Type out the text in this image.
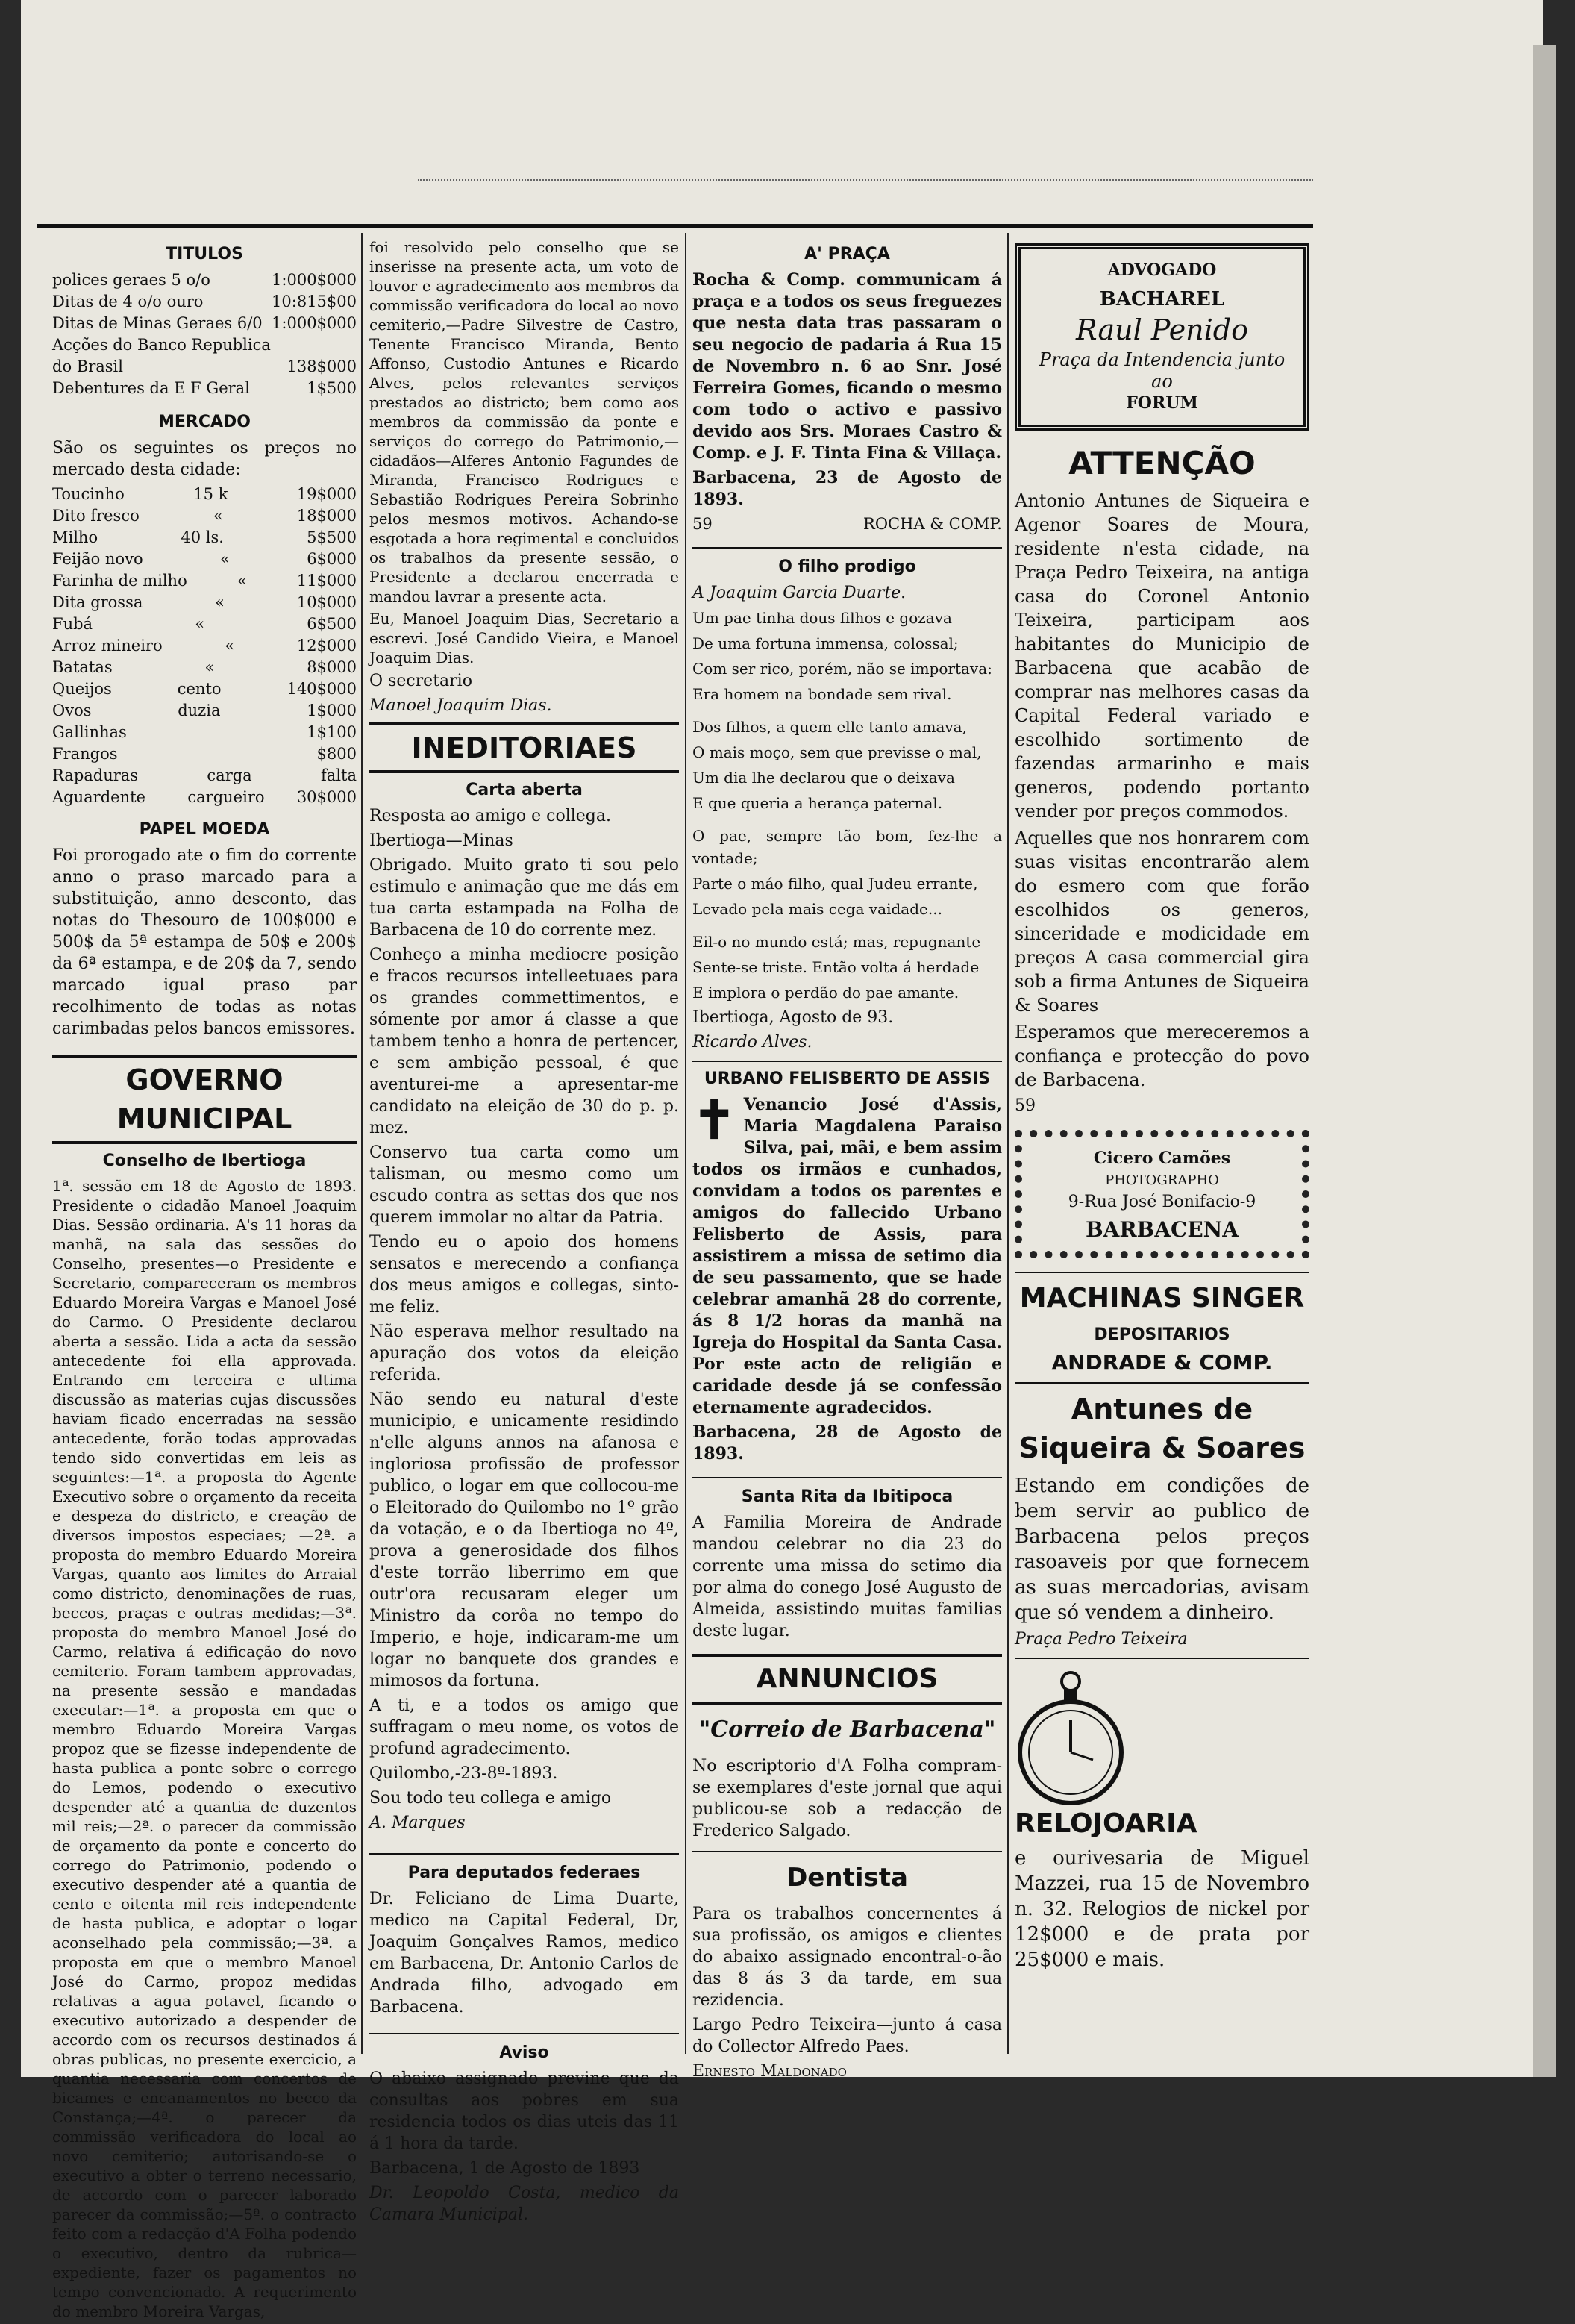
TITULOS
polices geraes 5 o/o	1:000$000
Ditas de 4 o/o ouro	10:815$00
Ditas de Minas Geraes 6/0 1:000$000
Acções do Banco Republica
do Brasil	138$000
Debentures da E F Geral	1$500
MERCADO

São os seguintes os preços no mercado desta cidade:

Toucinho	15 k	19$000
Dito fresco	«	18$000
Milho	40 ls.	5$500
Feijão novo	«	6$000
Farinha de milho	«	11$000
Dita grossa	«	10$000
Fubá	«	6$500
Arroz mineiro	«	12$000
Batatas	«	8$000
Queijos	cento	140$000
Ovos	duzia	1$000
Gallinhas	1$100
Frangos	$800
Rapaduras	carga	falta
Aguardente	cargueiro 30$000
PAPEL MOEDA

Foi prorogado ate o fim do corrente anno o praso marcado para a substituição, anno desconto, das notas do Thesouro de 100$000 e 500$ da 5ª estampa de 50$ e 200$ da 6ª estampa, e de 20$ da 7, sendo marcado igual praso par recolhimento de todas as notas carimbadas pelos bancos emissores.

GOVERNO MUNICIPAL
Conselho de Ibertioga

1ª. sessão em 18 de Agosto de 1893. Presidente o cidadão Manoel Joaquim Dias. Sessão ordinaria. A's 11 horas da manhã, na sala das sessões do Conselho, presentes—o Presidente e Secretario, compareceram os membros Eduardo Moreira Vargas e Manoel José do Carmo. O Presidente declarou aberta a sessão. Lida a acta da sessão antecedente foi ella approvada. Entrando em terceira e ultima discussão as materias cujas discussões haviam ficado encerradas na sessão antecedente, forão todas approvadas tendo sido convertidas em leis as seguintes:—1ª. a proposta do Agente Executivo sobre o orçamento da receita e despeza do districto, e creação de diversos impostos especiaes; —2ª. a proposta do membro Eduardo Moreira Vargas, quanto aos limites do Arraial como districto, denominações de ruas, beccos, praças e outras medidas;—3ª. proposta do membro Manoel José do Carmo, relativa á edificação do novo cemiterio. Foram tambem approvadas, na presente sessão e mandadas executar:—1ª. a proposta em que o membro Eduardo Moreira Vargas propoz que se fizesse independente de hasta publica a ponte sobre o corrego do Lemos, podendo o executivo despender até a quantia de duzentos mil reis;—2ª. o parecer da commissão de orçamento da ponte e concerto do corrego do Patrimonio, podendo o executivo despender até a quantia de cento e oitenta mil reis independente de hasta publica, e adoptar o logar aconselhado pela commissão;—3ª. a proposta em que o membro Manoel José do Carmo, propoz medidas relativas a agua potavel, ficando o executivo autorizado a despender de accordo com os recursos destinados á obras publicas, no presente exercicio, a quantia necessaria com concertos de bicames e encanamentos no becco da Constança;—4ª. o parecer da commissão verificadora do local ao novo cemiterio; autorisando-se o executivo a obter o terreno necessario, de accordo com o parecer laborado parecer da commissão;—5ª. o contracto feito com a redacção d'A Folha podendo o executivo, dentro da rubrica—expediente, fazer os pagamentos no tempo convencionado. A requerimento do membro Moreira Vargas,

foi resolvido pelo conselho que se inserisse na presente acta, um voto de louvor e agradecimento aos membros da commissão verificadora do local ao novo cemiterio,—Padre Silvestre de Castro, Tenente Francisco Miranda, Bento Affonso, Custodio Antunes e Ricardo Alves, pelos relevantes serviços prestados ao districto; bem como aos membros da commissão da ponte e serviços do corrego do Patrimonio,—cidadãos—Alferes Antonio Fagundes de Miranda, Francisco Rodrigues e Sebastião Rodrigues Pereira Sobrinho pelos mesmos motivos. Achando-se esgotada a hora regimental e concluidos os trabalhos da presente sessão, o Presidente a declarou encerrada e mandou lavrar a presente acta.

Eu, Manoel Joaquim Dias, Secretario a escrevi. José Candido Vieira, e Manoel Joaquim Dias.

O secretario

Manoel Joaquim Dias.

INEDITORIAES
Carta aberta

Resposta ao amigo e collega.

Ibertioga—Minas

Obrigado. Muito grato ti sou pelo estimulo e animação que me dás em tua carta estampada na Folha de Barbacena de 10 do corrente mez.

Conheço a minha mediocre posição e fracos recursos intelleetuaes para os grandes commettimentos, e sómente por amor á classe a que tambem tenho a honra de pertencer, e sem ambição pessoal, é que aventurei-me a apresentar-me candidato na eleição de 30 do p. p. mez.

Conservo tua carta como um talisman, ou mesmo como um escudo contra as settas dos que nos querem immolar no altar da Patria.

Tendo eu o apoio dos homens sensatos e merecendo a confiança dos meus amigos e collegas, sinto-me feliz.

Não esperava melhor resultado na apuração dos votos da eleição referida.

Não sendo eu natural d'este municipio, e unicamente residindo n'elle alguns annos na afanosa e ingloriosa profissão de professor publico, o logar em que collocou-me o Eleitorado do Quilombo no 1º grão da votação, e o da Ibertioga no 4º, prova a generosidade dos filhos d'este torrão liberrimo em que outr'ora recusaram eleger um Ministro da corôa no tempo do Imperio, e hoje, indicaram-me um logar no banquete dos grandes e mimosos da fortuna.

A ti, e a todos os amigo que suffragam o meu nome, os votos de profund agradecimento.

Quilombo,-23-8º-1893.

Sou todo teu collega e amigo

A. Marques

Para deputados federaes

Dr. Feliciano de Lima Duarte, medico na Capital Federal, Dr, Joaquim Gonçalves Ramos, medico em Barbacena, Dr. Antonio Carlos de Andrada filho, advogado em Barbacena.

Aviso

O abaixo assignado previne que da consultas aos pobres em sua residencia todos os dias uteis das 11 á 1 hora da tarde.

Barbacena, 1 de Agosto de 1893

Dr. Leopoldo Costa, medico da Camara Municipal.

A' PRAÇA

Rocha & Comp. communicam á praça e a todos os seus freguezes que nesta data tras passaram o seu negocio de padaria á Rua 15 de Novembro n. 6 ao Snr. José Ferreira Gomes, ficando o mesmo com todo o activo e passivo devido aos Srs. Moraes Castro & Comp. e J. F. Tinta Fina & Villaça.

Barbacena, 23 de Agosto de 1893.

59	ROCHA & COMP.
O filho prodigo

A Joaquim Garcia Duarte.

Um pae tinha dous filhos e gozava

De uma fortuna immensa, colossal;

Com ser rico, porém, não se importava:

Era homem na bondade sem rival.

Dos filhos, a quem elle tanto amava,

O mais moço, sem que previsse o mal,

Um dia lhe declarou que o deixava

E que queria a herança paternal.

O pae, sempre tão bom, fez-lhe a vontade;

Parte o máo filho, qual Judeu errante,

Levado pela mais cega vaidade...

Eil-o no mundo está; mas, repugnante

Sente-se triste. Então volta á herdade

E implora o perdão do pae amante.

Ibertioga, Agosto de 93.

Ricardo Alves.

URBANO FELISBERTO DE ASSIS
✝ Venancio José d'Assis, Maria Magdalena Paraiso Silva, pai, mãi, e bem assim todos os irmãos e cunhados, convidam a todos os parentes e amigos do fallecido Urbano Felisberto de Assis, para assistirem a missa de setimo dia de seu passamento, que se hade celebrar amanhã 28 do corrente, ás 8 1/2 horas da manhã na Igreja do Hospital da Santa Casa. Por este acto de religião e caridade desde já se confessão eternamente agradecidos.

Barbacena, 28 de Agosto de 1893.

Santa Rita da Ibitipoca

A Familia Moreira de Andrade mandou celebrar no dia 23 do corrente uma missa do setimo dia por alma do conego José Augusto de Almeida, assistindo muitas familias deste lugar.

ANNUNCIOS
"Correio de Barbacena"

No escriptorio d'A Folha compram-se exemplares d'este jornal que aqui publicou-se sob a redacção de Frederico Salgado.

Dentista

Para os trabalhos concernentes á sua profissão, os amigos e clientes do abaixo assignado encontral-o-ão das 8 ás 3 da tarde, em sua rezidencia.

Largo Pedro Teixeira—junto á casa do Collector Alfredo Paes.

Ernesto Maldonado

ADVOGADO
BACHAREL
Raul Penido
Praça da Intendencia junto ao
FORUM
ATTENÇÃO

Antonio Antunes de Siqueira e Agenor Soares de Moura, residente n'esta cidade, na Praça Pedro Teixeira, na antiga casa do Coronel Antonio Teixeira, participam aos habitantes do Municipio de Barbacena que acabão de comprar nas melhores casas da Capital Federal variado e escolhido sortimento de fazendas armarinho e mais generos, podendo portanto vender por preços commodos.

Aquelles que nos honrarem com suas visitas encontrarão alem do esmero com que forão escolhidos os generos, sinceridade e modicidade em preços A casa commercial gira sob a firma Antunes de Siqueira & Soares

Esperamos que mereceremos a confiança e protecção do povo de Barbacena.

59

Cicero Camões
PHOTOGRAPHO
9-Rua José Bonifacio-9
BARBACENA
MACHINAS SINGER
DEPOSITARIOS
ANDRADE & COMP.
Antunes de Siqueira & Soares

Estando em condições de bem servir ao publico de Barbacena pelos preços rasoaveis por que fornecem as suas mercadorias, avisam que só vendem a dinheiro.

Praça Pedro Teixeira

RELOJOARIA

e ourivesaria de Miguel Mazzei, rua 15 de Novembro n. 32. Relogios de nickel por 12$000 e de prata por 25$000 e mais.
